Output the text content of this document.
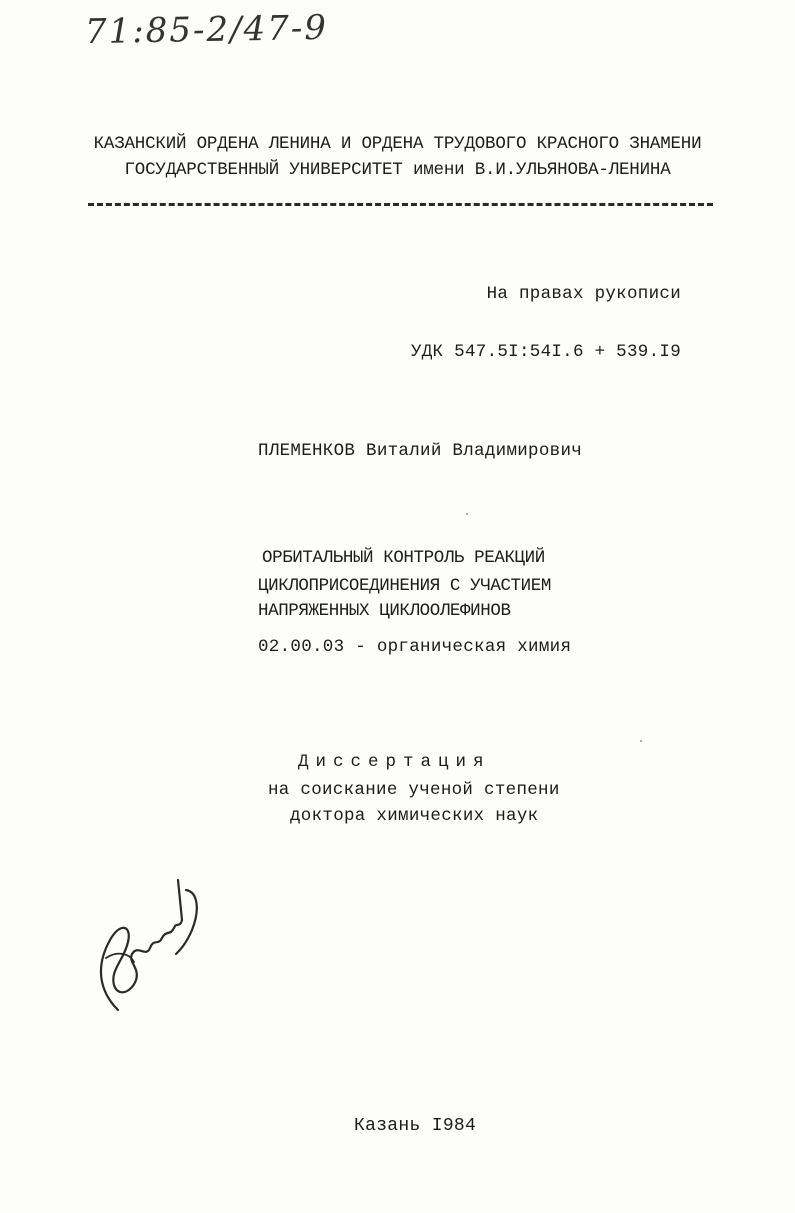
71:85-2/47-9
КАЗАНСКИЙ ОРДЕНА ЛЕНИНА И ОРДЕНА ТРУДОВОГО КРАСНОГО ЗНАМЕНИ
ГОСУДАРСТВЕННЫЙ УНИВЕРСИТЕТ имени В.И.УЛЬЯНОВА-ЛЕНИНА
На правах рукописи
УДК 547.5I:54I.6 + 539.I9
ПЛЕМЕНКОВ Виталий Владимирович
ОРБИТАЛЬНЫЙ КОНТРОЛЬ РЕАКЦИЙ
ЦИКЛОПРИСОЕДИНЕНИЯ С УЧАСТИЕМ
НАПРЯЖЕННЫХ ЦИКЛООЛЕФИНОВ
02.00.03 - органическая химия
Диссертация
на соискание ученой степени
доктора химических наук
Казань I984
